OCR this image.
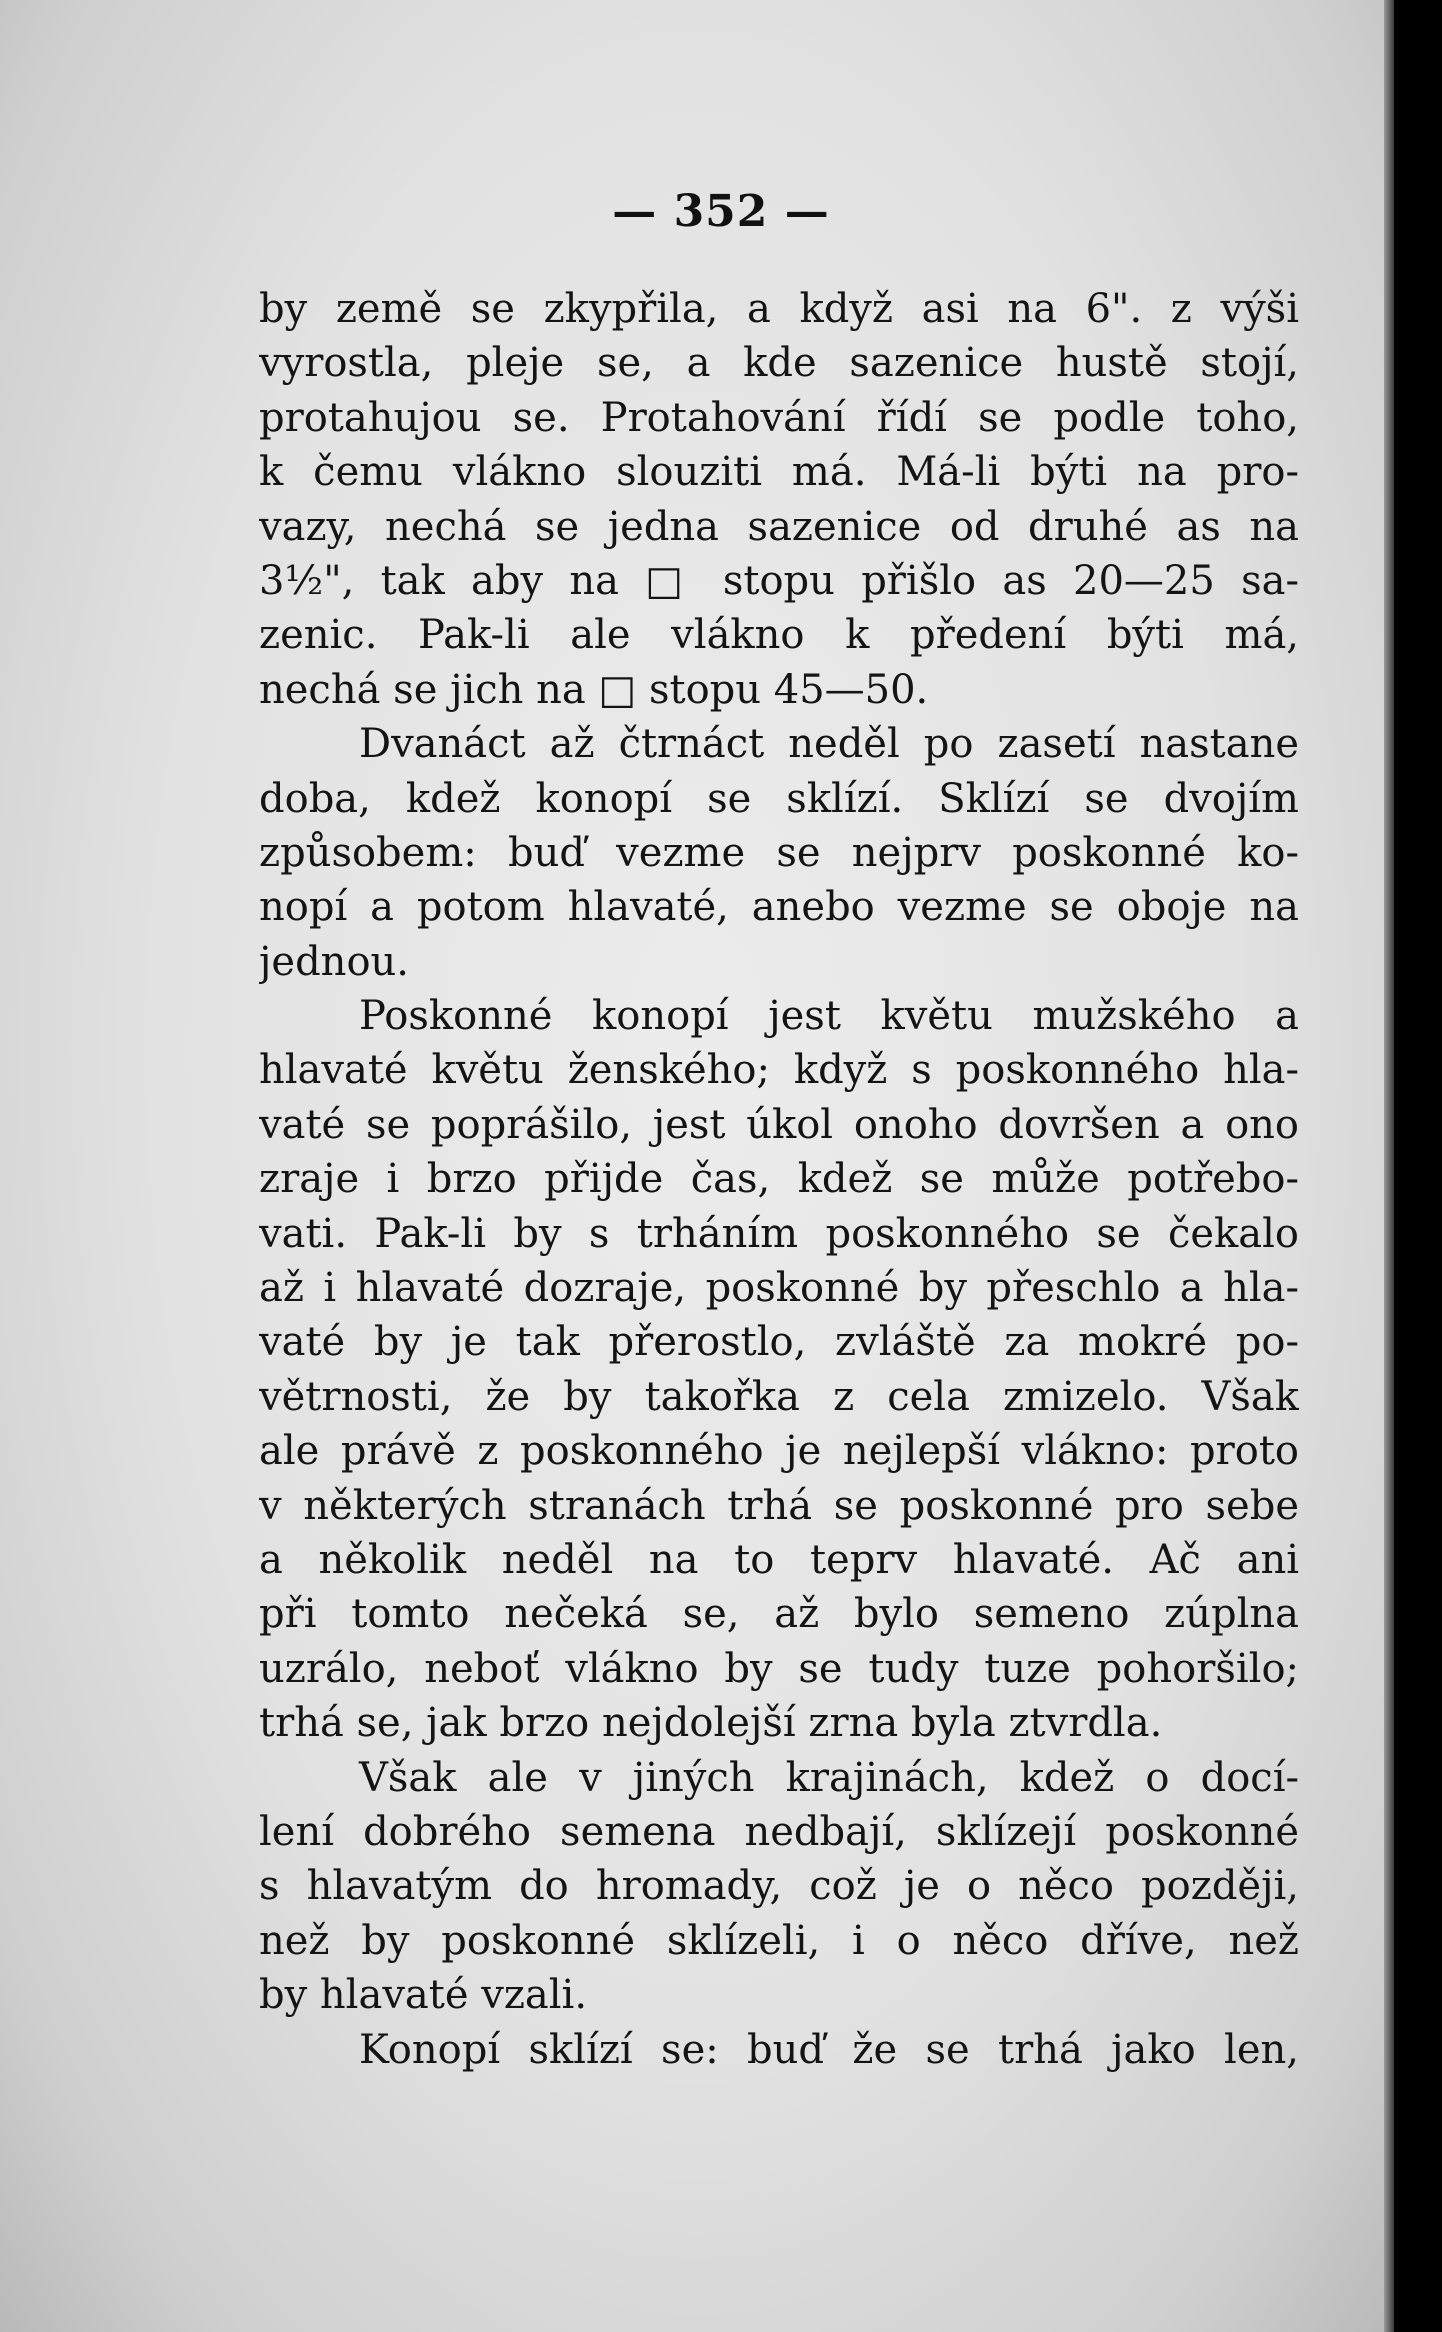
— 352 —
by země se zkypřila, a když asi na 6". z výši
vyrostla, pleje se, a kde sazenice hustě stojí,
protahujou se. Protahování řídí se podle toho,
k čemu vlákno slouziti má. Má-li býti na pro-
vazy, nechá se jedna sazenice od druhé as na
3½", tak aby na □ stopu přišlo as 20—25 sa-
zenic. Pak-li ale vlákno k předení býti má,
nechá se jich na □ stopu 45—50.
Dvanáct až čtrnáct neděl po zasetí nastane
doba, kdež konopí se sklízí. Sklízí se dvojím
způsobem: buď vezme se nejprv poskonné ko-
nopí a potom hlavaté, anebo vezme se oboje na
jednou.
Poskonné konopí jest květu mužského a
hlavaté květu ženského; když s poskonného hla-
vaté se poprášilo, jest úkol onoho dovršen a ono
zraje i brzo přijde čas, kdež se může potřebo-
vati. Pak-li by s trháním poskonného se čekalo
až i hlavaté dozraje, poskonné by přeschlo a hla-
vaté by je tak přerostlo, zvláště za mokré po-
větrnosti, že by takořka z cela zmizelo. Však
ale právě z poskonného je nejlepší vlákno: proto
v některých stranách trhá se poskonné pro sebe
a několik neděl na to teprv hlavaté. Ač ani
při tomto nečeká se, až bylo semeno zúplna
uzrálo, neboť vlákno by se tudy tuze pohoršilo;
trhá se, jak brzo nejdolejší zrna byla ztvrdla.
Však ale v jiných krajinách, kdež o docí-
lení dobrého semena nedbají, sklízejí poskonné
s hlavatým do hromady, což je o něco později,
než by poskonné sklízeli, i o něco dříve, než
by hlavaté vzali.
Konopí sklízí se: buď že se trhá jako len,
